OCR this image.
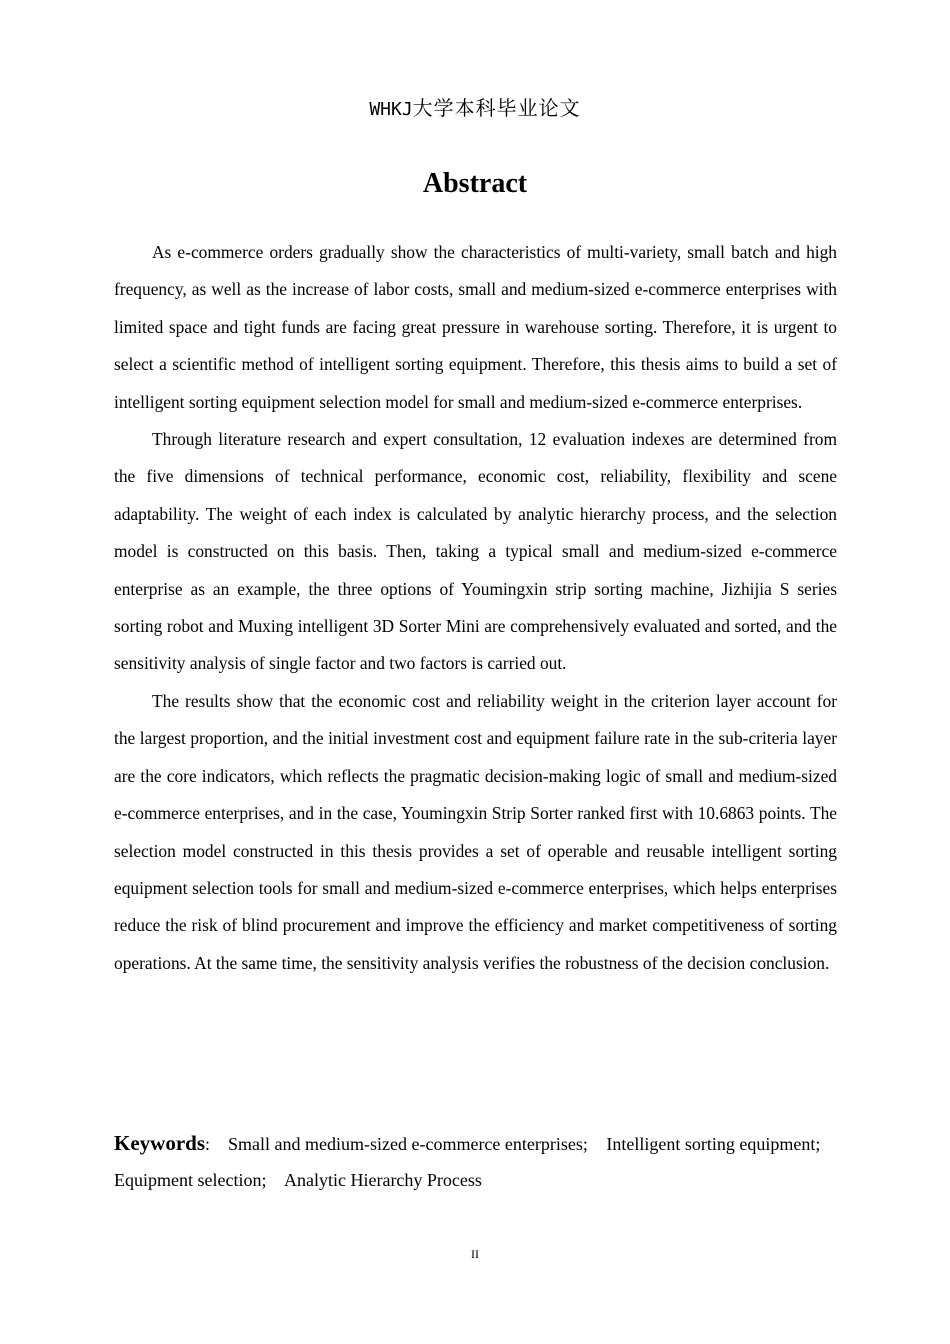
WHKJ大学本科毕业论文
Abstract

As e-commerce orders gradually show the characteristics of multi-variety, small batch and high frequency, as well as the increase of labor costs, small and medium-sized e-commerce enterprises with limited space and tight funds are facing great pressure in warehouse sorting. Therefore, it is urgent to select a scientific method of intelligent sorting equipment. Therefore, this thesis aims to build a set of intelligent sorting equipment selection model for small and medium-sized e-commerce enterprises.

Through literature research and expert consultation, 12 evaluation indexes are determined from the five dimensions of technical performance, economic cost, reliability, flexibility and scene adaptability. The weight of each index is calculated by analytic hierarchy process, and the selection model is constructed on this basis. Then, taking a typical small and medium-sized e-commerce enterprise as an example, the three options of Youmingxin strip sorting machine, Jizhijia S series sorting robot and Muxing intelligent 3D Sorter Mini are comprehensively evaluated and sorted, and the sensitivity analysis of single factor and two factors is carried out.

The results show that the economic cost and reliability weight in the criterion layer account for the largest proportion, and the initial investment cost and equipment failure rate in the sub-criteria layer are the core indicators, which reflects the pragmatic decision-making logic of small and medium-sized e-commerce enterprises, and in the case, Youmingxin Strip Sorter ranked first with 10.6863 points. The selection model constructed in this thesis provides a set of operable and reusable intelligent sorting equipment selection tools for small and medium-sized e-commerce enterprises, which helps enterprises reduce the risk of blind procurement and improve the efficiency and market competitiveness of sorting operations. At the same time, the sensitivity analysis verifies the robustness of the decision conclusion.

Keywords: Small and medium-sized e-commerce enterprises; Intelligent sorting equipment; Equipment selection; Analytic Hierarchy Process
II
